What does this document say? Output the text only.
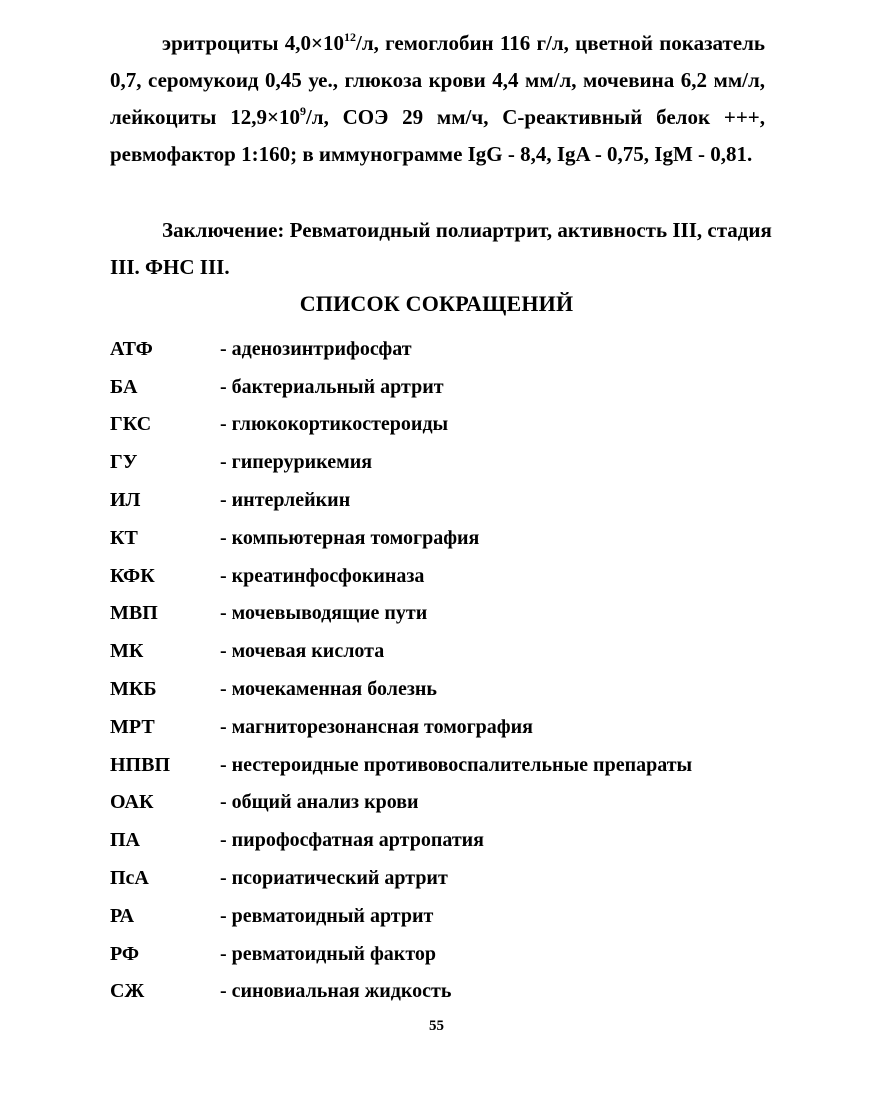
эритроциты $4,0\times 10^{12}/л$, гемоглобин 116 г/л, цветной показатель
0,7, серомукоид 0,45 уе., глюкоза крови 4,4 мм/л, мочевина 6,2 мм/л,
лейкоциты $12,9\times 10^9/л$, СОЭ 29 мм/ч, С-реактивный белок +++,
ревмофактор 1:160; в иммунограмме IgG - 8,4, IgA - 0,75, IgM - 0,81.
Заключение: Ревматоидный полиартрит, активность III, стадия
III. ФНС III.
СПИСОК СОКРАЩЕНИЙ
АТФ	- аденозинтрифосфат
БА	- бактериальный артрит
ГКС	- глюкокортикостероиды
ГУ	- гиперурикемия
ИЛ	- интерлейкин
КТ	- компьютерная томография
КФК	- креатинфосфокиназа
МВП	- мочевыводящие пути
МК	- мочевая кислота
МКБ	- мочекаменная болезнь
МРТ	- магниторезонансная томография
НПВП	- нестероидные противовоспалительные препараты
ОАК	- общий анализ крови
ПА	- пирофосфатная артропатия
ПсА	- псориатический артрит
РА	- ревматоидный артрит
РФ	- ревматоидный фактор
СЖ	- синовиальная жидкость
55
